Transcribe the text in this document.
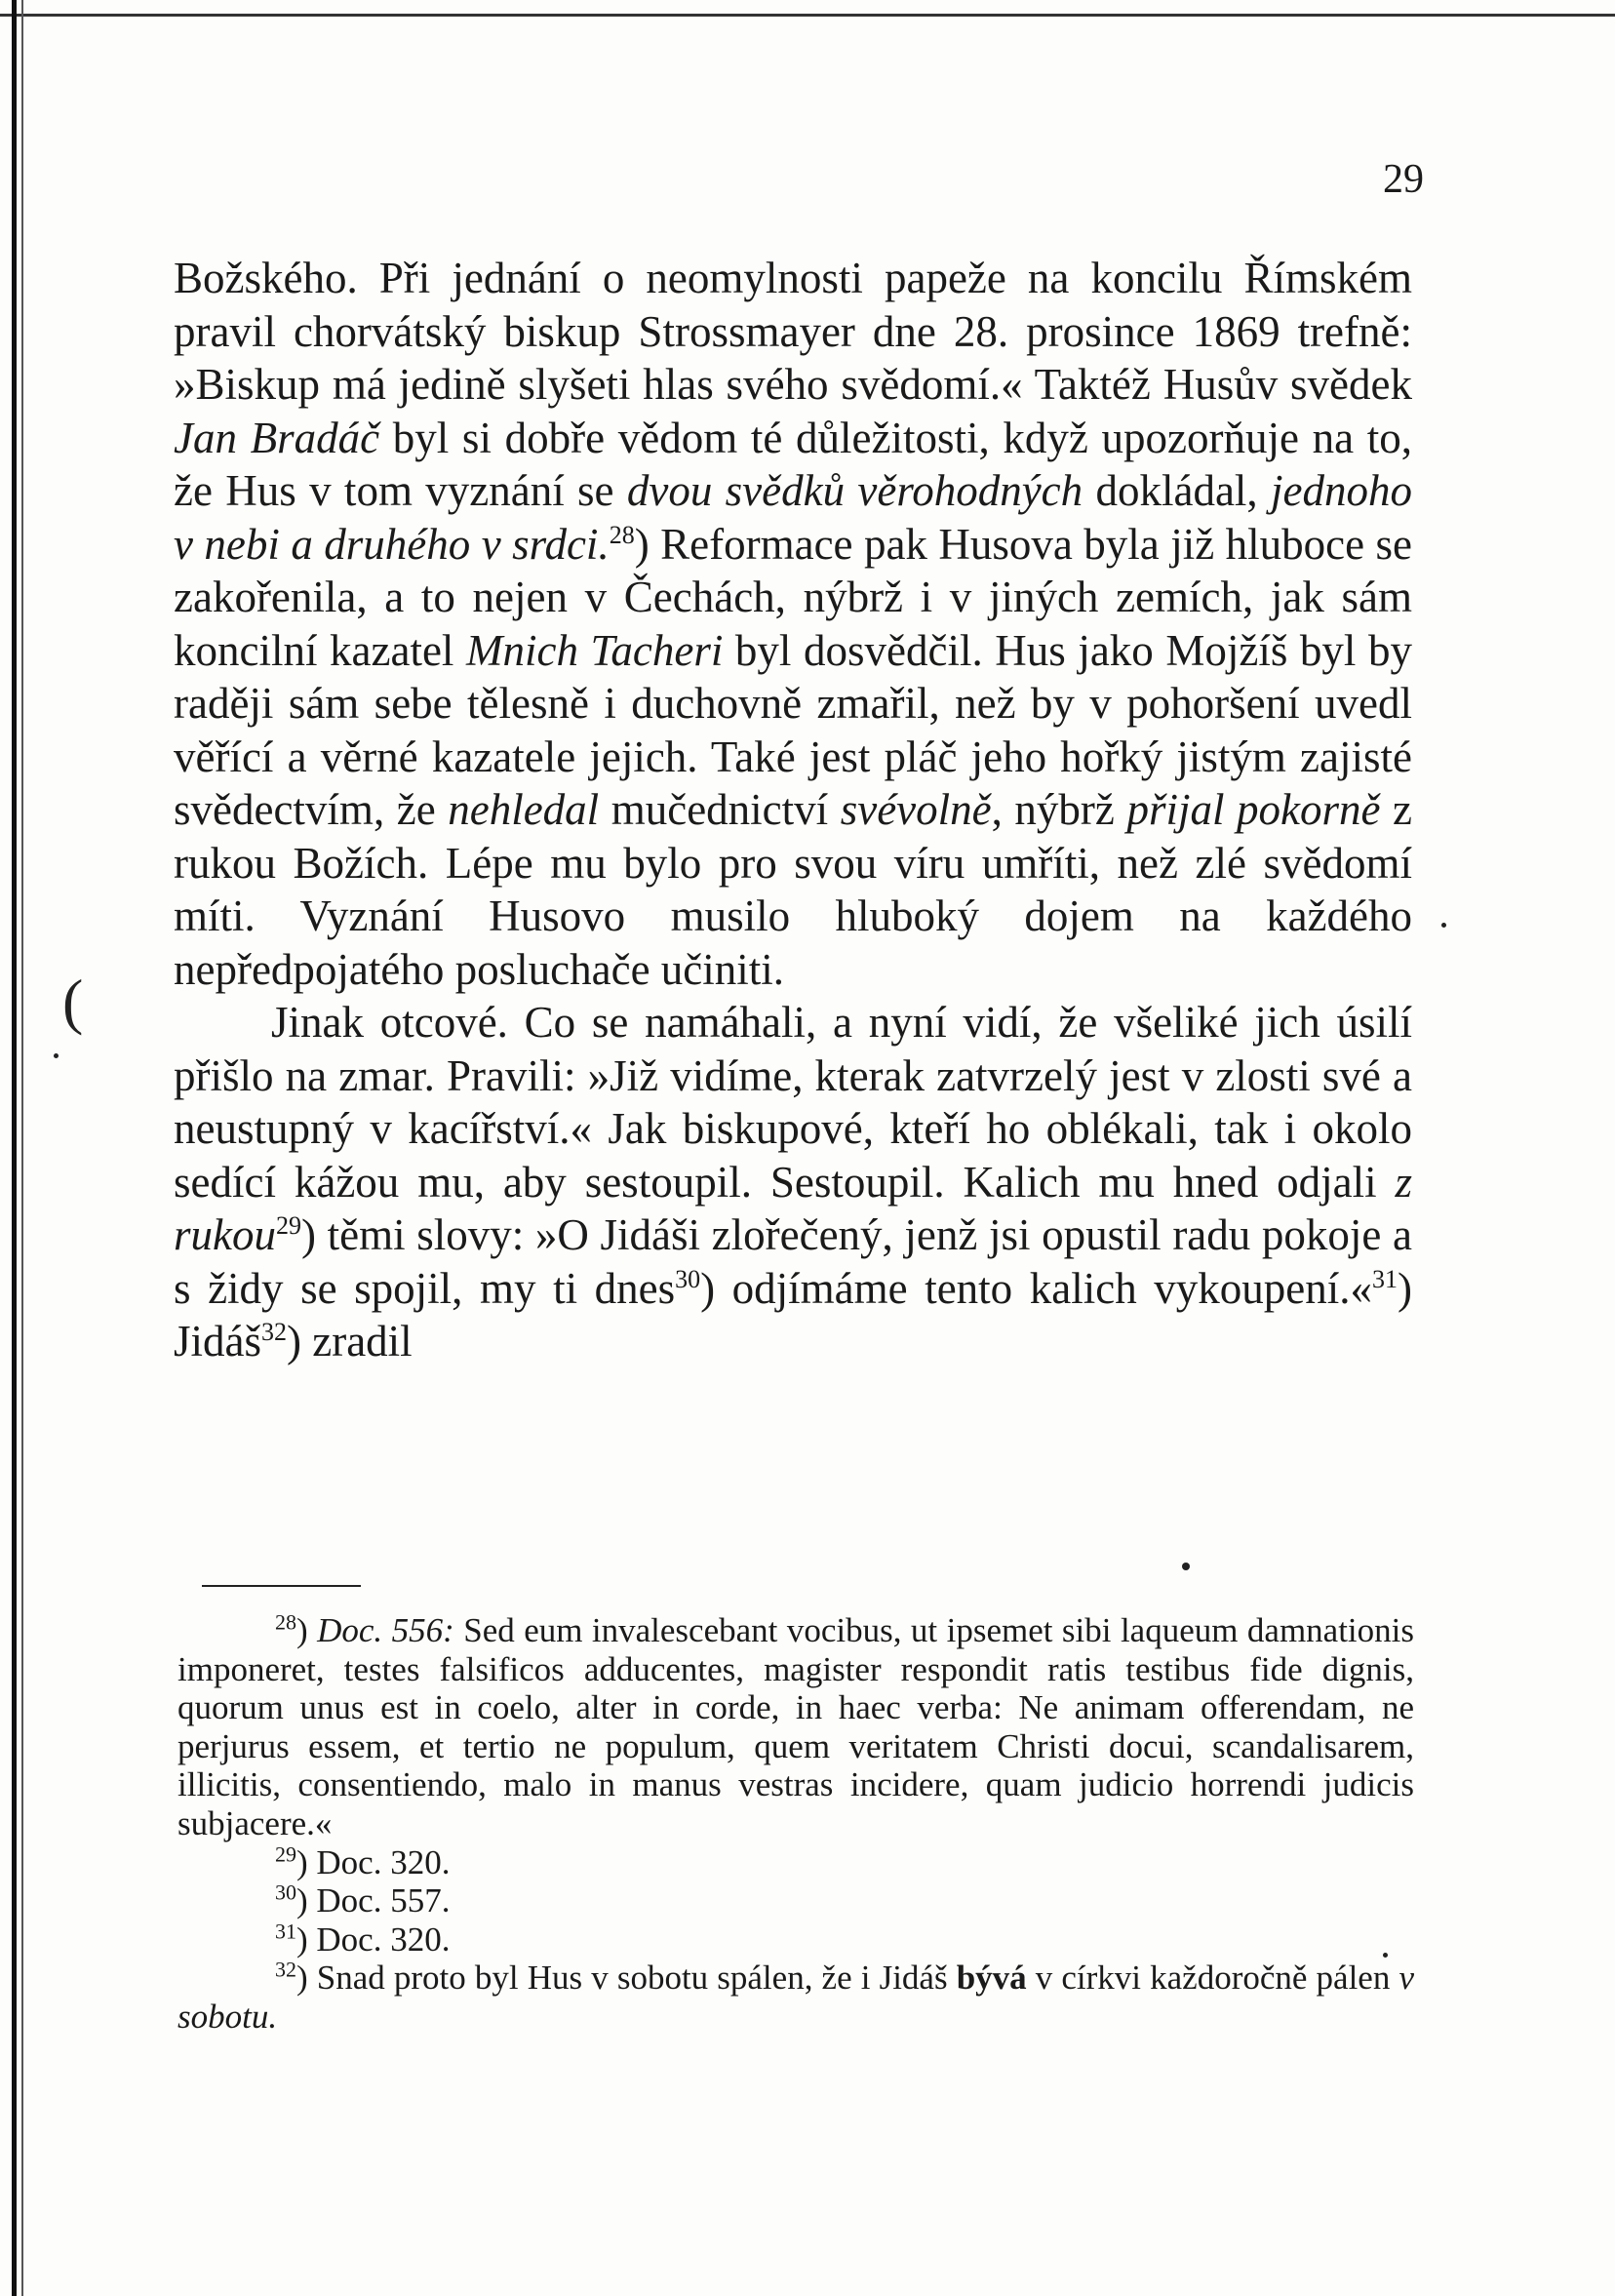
29

Božského. Při jednání o neomylnosti papeže na koncilu Římském pravil chorvátský biskup Strossmayer dne 28. prosince 1869 trefně: »Biskup má jedině slyšeti hlas svého svědomí.« Taktéž Husův svědek Jan Bradáč byl si dobře vědom té důležitosti, když upozorňuje na to, že Hus v tom vyznání se dvou svědků věrohodných dokládal, jednoho v nebi a druhého v srdci.$^{28}$) Reformace pak Husova byla již hluboce se zakořenila, a to nejen v Čechách, nýbrž i v jiných zemích, jak sám koncilní kazatel Mnich Tacheri byl dosvědčil. Hus jako Mojžíš byl by raději sám sebe tělesně i duchovně zmařil, než by v pohoršení uvedl věřící a věrné kazatele jejich. Také jest pláč jeho hořký jistým zajisté svědectvím, že nehledal mučednictví svévolně, nýbrž přijal pokorně z rukou Božích. Lépe mu bylo pro svou víru umříti, než zlé svědomí míti. Vyznání Husovo musilo hluboký dojem na každého nepředpojatého posluchače učiniti.

Jinak otcové. Co se namáhali, a nyní vidí, že všeliké jich úsilí přišlo na zmar. Pravili: »Již vidíme, kterak zatvrzelý jest v zlosti své a neustupný v kacířství.« Jak biskupové, kteří ho oblékali, tak i okolo sedící kážou mu, aby sestoupil. Sestoupil. Kalich mu hned odjali z rukou$^{29}$) těmi slovy: »O Jidáši zlořečený, jenž jsi opustil radu pokoje a s židy se spojil, my ti dnes$^{30}$) odjímáme tento kalich vykoupení.«$^{31}$) Jidáš$^{32}$) zradil

$^{28}$) Doc. 556: Sed eum invalescebant vocibus, ut ipsemet sibi laqueum damnationis imponeret, testes falsificos adducentes, magister respondit ratis testibus fide dignis, quorum unus est in coelo, alter in corde, in haec verba: Ne animam offerendam, ne perjurus essem, et tertio ne populum, quem veritatem Christi docui, scandalisarem, illicitis, consentiendo, malo in manus vestras incidere, quam judicio horrendi judicis subjacere.«

$^{29}$) Doc. 320.

$^{30}$) Doc. 557.

$^{31}$) Doc. 320.

$^{32}$) Snad proto byl Hus v sobotu spálen, že i Jidáš bývá v církvi každoročně pálen v sobotu.

(
